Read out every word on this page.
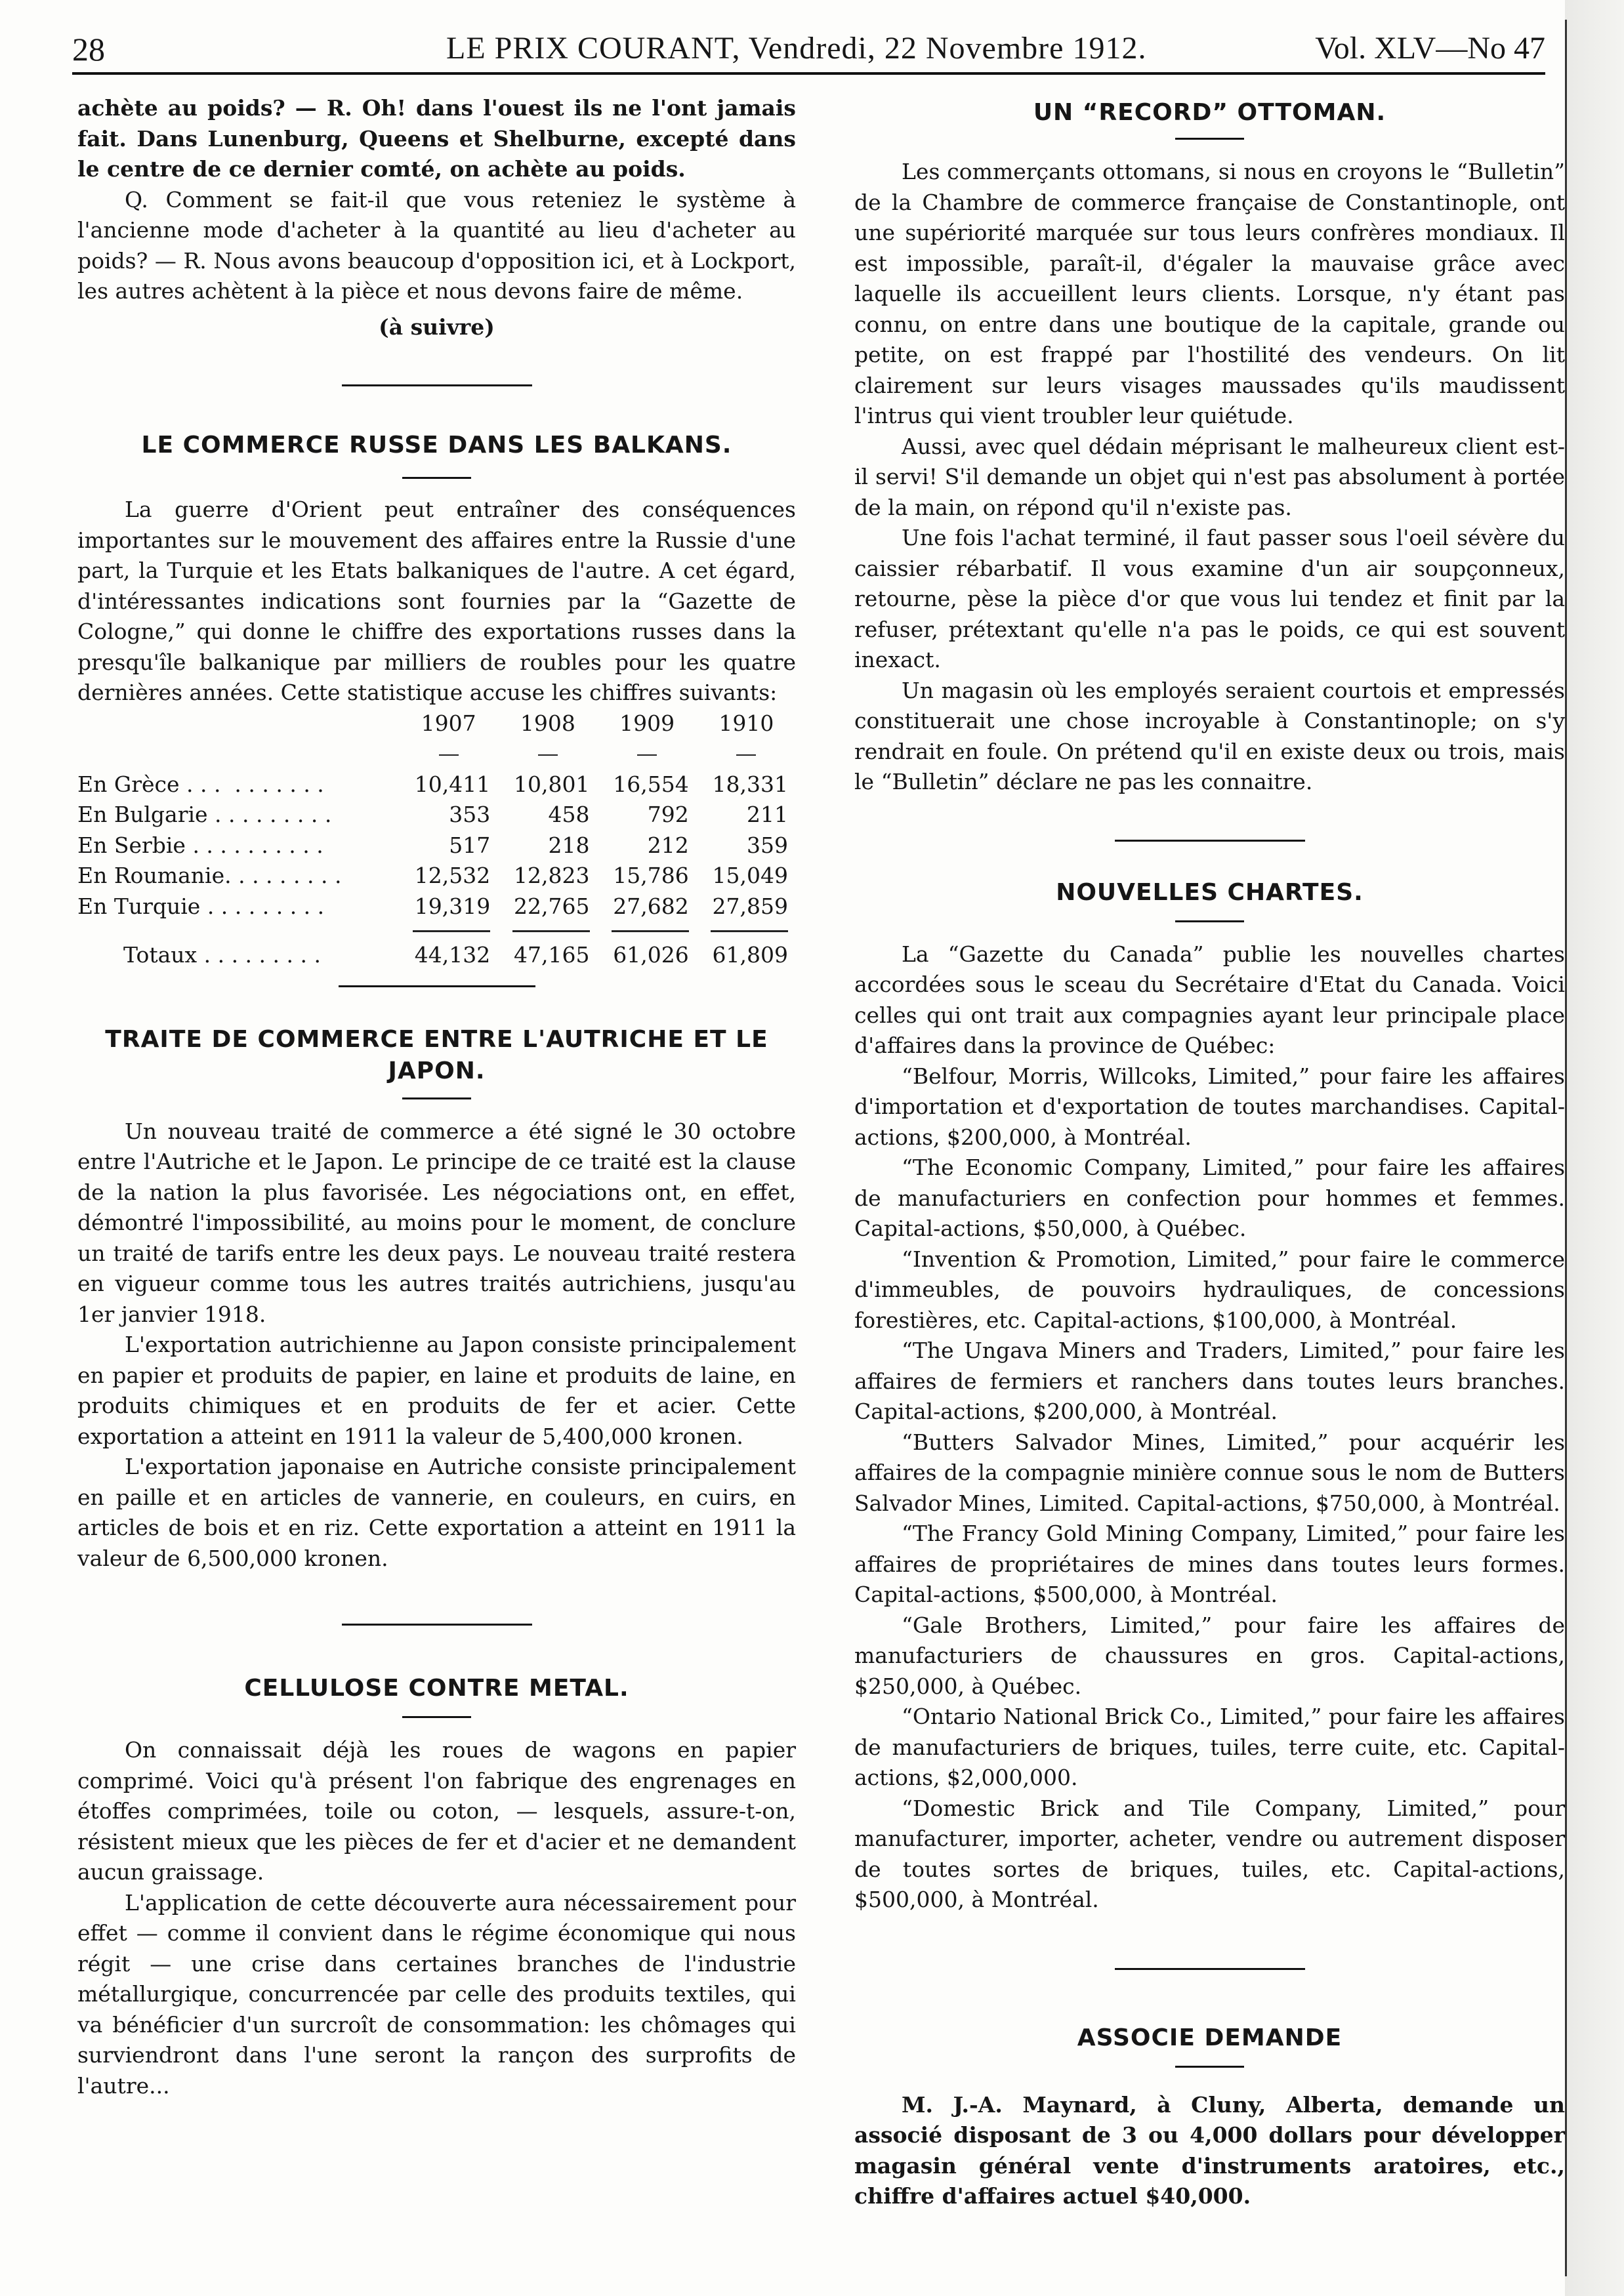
28	LE PRIX COURANT, Vendredi, 22 Novembre 1912.	Vol. XLV—No 47

achète au poids? — R. Oh! dans l'ouest ils ne l'ont jamais fait. Dans Lunenburg, Queens et Shelburne, excepté dans le centre de ce dernier comté, on achète au poids.

Q. Comment se fait-il que vous reteniez le système à l'ancienne mode d'acheter à la quantité au lieu d'acheter au poids? — R. Nous avons beaucoup d'opposition ici, et à Lockport, les autres achètent à la pièce et nous devons faire de même.

(à suivre)

LE COMMERCE RUSSE DANS LES BALKANS.

La guerre d'Orient peut entraîner des conséquences importantes sur le mouvement des affaires entre la Russie d'une part, la Turquie et les Etats balkaniques de l'autre. A cet égard, d'intéressantes indications sont fournies par la “Gazette de Cologne,” qui donne le chiffre des exportations russes dans la presqu'île balkanique par milliers de roubles pour les quatre dernières années. Cette statistique accuse les chiffres suivants:

	1907	1908	1909	1910

En Grèce . . .  . . . . . . .	10,411	10,801	16,554	18,331
En Bulgarie . . . . . . . . .	353	458	792	211
En Serbie . . . . . . . . . .	517	218	212	359
En Roumanie. . . . . . . . .	12,532	12,823	15,786	15,049
En Turquie . . . . . . . . .	19,319	22,765	27,682	27,859

Totaux . . . . . . . . .	44,132	47,165	61,026	61,809
TRAITE DE COMMERCE ENTRE L'AUTRICHE ET LE JAPON.

Un nouveau traité de commerce a été signé le 30 octobre entre l'Autriche et le Japon. Le principe de ce traité est la clause de la nation la plus favorisée. Les négociations ont, en effet, démontré l'impossibilité, au moins pour le moment, de conclure un traité de tarifs entre les deux pays. Le nouveau traité restera en vigueur comme tous les autres traités autrichiens, jusqu'au 1er janvier 1918.

L'exportation autrichienne au Japon consiste principalement en papier et produits de papier, en laine et produits de laine, en produits chimiques et en produits de fer et acier. Cette exportation a atteint en 1911 la valeur de 5,400,000 kronen.

L'exportation japonaise en Autriche consiste principalement en paille et en articles de vannerie, en couleurs, en cuirs, en articles de bois et en riz. Cette exportation a atteint en 1911 la valeur de 6,500,000 kronen.

CELLULOSE CONTRE METAL.

On connaissait déjà les roues de wagons en papier comprimé. Voici qu'à présent l'on fabrique des engrenages en étoffes comprimées, toile ou coton, — lesquels, assure-t-on, résistent mieux que les pièces de fer et d'acier et ne demandent aucun graissage.

L'application de cette découverte aura nécessairement pour effet — comme il convient dans le régime économique qui nous régit — une crise dans certaines branches de l'industrie métallurgique, concurrencée par celle des produits textiles, qui va bénéficier d'un surcroît de consommation: les chômages qui surviendront dans l'une seront la rançon des surprofits de l'autre...

UN “RECORD” OTTOMAN.

Les commerçants ottomans, si nous en croyons le “Bulletin” de la Chambre de commerce française de Constantinople, ont une supériorité marquée sur tous leurs confrères mondiaux. Il est impossible, paraît-il, d'égaler la mauvaise grâce avec laquelle ils accueillent leurs clients. Lorsque, n'y étant pas connu, on entre dans une boutique de la capitale, grande ou petite, on est frappé par l'hostilité des vendeurs. On lit clairement sur leurs visages maussades qu'ils maudissent l'intrus qui vient troubler leur quiétude.

Aussi, avec quel dédain méprisant le malheureux client est-il servi! S'il demande un objet qui n'est pas absolument à portée de la main, on répond qu'il n'existe pas.

Une fois l'achat terminé, il faut passer sous l'oeil sévère du caissier rébarbatif. Il vous examine d'un air soupçonneux, retourne, pèse la pièce d'or que vous lui tendez et finit par la refuser, prétextant qu'elle n'a pas le poids, ce qui est souvent inexact.

Un magasin où les employés seraient courtois et empressés constituerait une chose incroyable à Constantinople; on s'y rendrait en foule. On prétend qu'il en existe deux ou trois, mais le “Bulletin” déclare ne pas les connaitre.

NOUVELLES CHARTES.

La “Gazette du Canada” publie les nouvelles chartes accordées sous le sceau du Secrétaire d'Etat du Canada. Voici celles qui ont trait aux compagnies ayant leur principale place d'affaires dans la province de Québec:

“Belfour, Morris, Willcoks, Limited,” pour faire les affaires d'importation et d'exportation de toutes marchandises. Capital-actions, $200,000, à Montréal.

“The Economic Company, Limited,” pour faire les affaires de manufacturiers en confection pour hommes et femmes. Capital-actions, $50,000, à Québec.

“Invention & Promotion, Limited,” pour faire le commerce d'immeubles, de pouvoirs hydrauliques, de concessions forestières, etc. Capital-actions, $100,000, à Montréal.

“The Ungava Miners and Traders, Limited,” pour faire les affaires de fermiers et ranchers dans toutes leurs branches. Capital-actions, $200,000, à Montréal.

“Butters Salvador Mines, Limited,” pour acquérir les affaires de la compagnie minière connue sous le nom de Butters Salvador Mines, Limited. Capital-actions, $750,000, à Montréal.

“The Francy Gold Mining Company, Limited,” pour faire les affaires de propriétaires de mines dans toutes leurs formes. Capital-actions, $500,000, à Montréal.

“Gale Brothers, Limited,” pour faire les affaires de manufacturiers de chaussures en gros. Capital-actions, $250,000, à Québec.

“Ontario National Brick Co., Limited,” pour faire les affaires de manufacturiers de briques, tuiles, terre cuite, etc. Capital-actions, $2,000,000.

“Domestic Brick and Tile Company, Limited,” pour manufacturer, importer, acheter, vendre ou autrement disposer de toutes sortes de briques, tuiles, etc. Capital-actions, $500,000, à Montréal.

ASSOCIE DEMANDE

M. J.-A. Maynard, à Cluny, Alberta, demande un associé disposant de 3 ou 4,000 dollars pour développer magasin général vente d'instruments aratoires, etc., chiffre d'affaires actuel $40,000.
